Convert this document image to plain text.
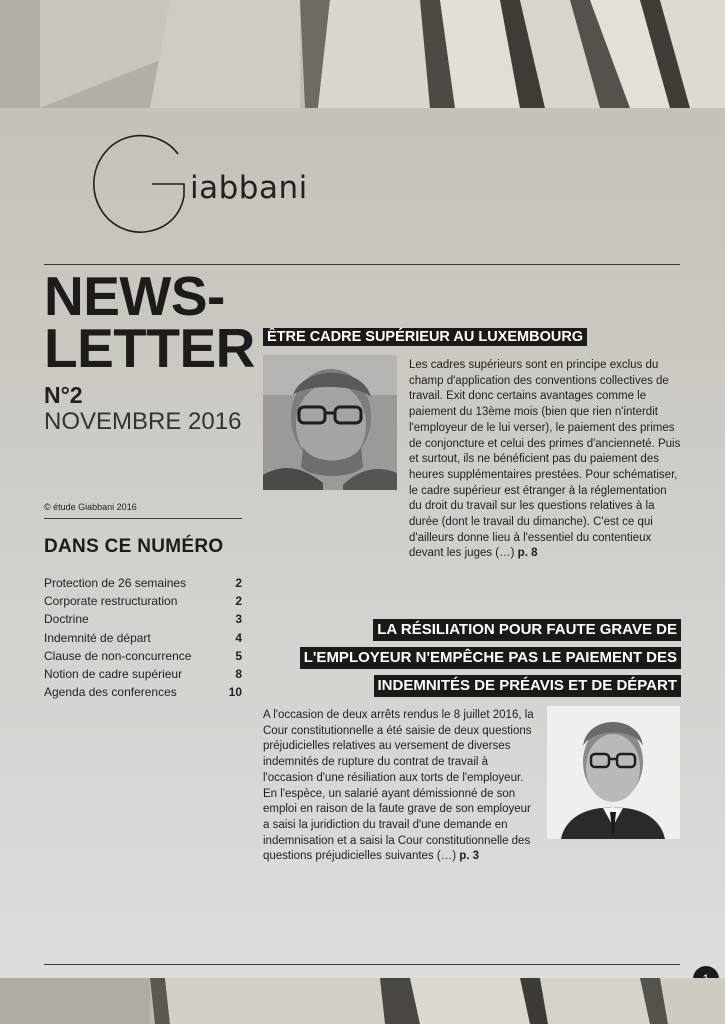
iabbani
NEWS-
LETTER
N°2
NOVEMBRE 2016
© étude Giabbani 2016
DANS CE NUMÉRO
Protection de 26 semaines	2
Corporate restructuration	2
Doctrine	3
Indemnité de départ	4
Clause de non-concurrence	5
Notion de cadre supérieur	8
Agenda des conferences	10
ÊTRE CADRE SUPÉRIEUR AU LUXEMBOURG
Les cadres supérieurs sont en principe exclus du champ d'application des conventions collectives de travail. Exit donc certains avantages comme le paiement du 13ème mois (bien que rien n'interdit l'employeur de le lui verser), le paiement des primes de conjoncture et celui des primes d'ancienneté. Puis et surtout, ils ne bénéficient pas du paiement des heures supplémentaires prestées. Pour schématiser, le cadre supérieur est étranger à la réglementation du droit du travail sur les questions relatives à la durée (dont le travail du dimanche). C'est ce qui d'ailleurs donne lieu à l'essentiel du contentieux devant les juges (…) p. 8
LA RÉSILIATION POUR FAUTE GRAVE DE
L'EMPLOYEUR N'EMPÊCHE PAS LE PAIEMENT DES
INDEMNITÉS DE PRÉAVIS ET DE DÉPART
A l'occasion de deux arrêts rendus le 8 juillet 2016, la Cour constitutionnelle a été saisie de deux questions préjudicielles relatives au versement de diverses indemnités de rupture du contrat de travail à l'occasion d'une résiliation aux torts de l'employeur. En l'espèce, un salarié ayant démissionné de son emploi en raison de la faute grave de son employeur a saisi la juridiction du travail d'une demande en indemnisation et a saisi la Cour constitutionnelle des questions préjudicielles suivantes (…) p. 3
